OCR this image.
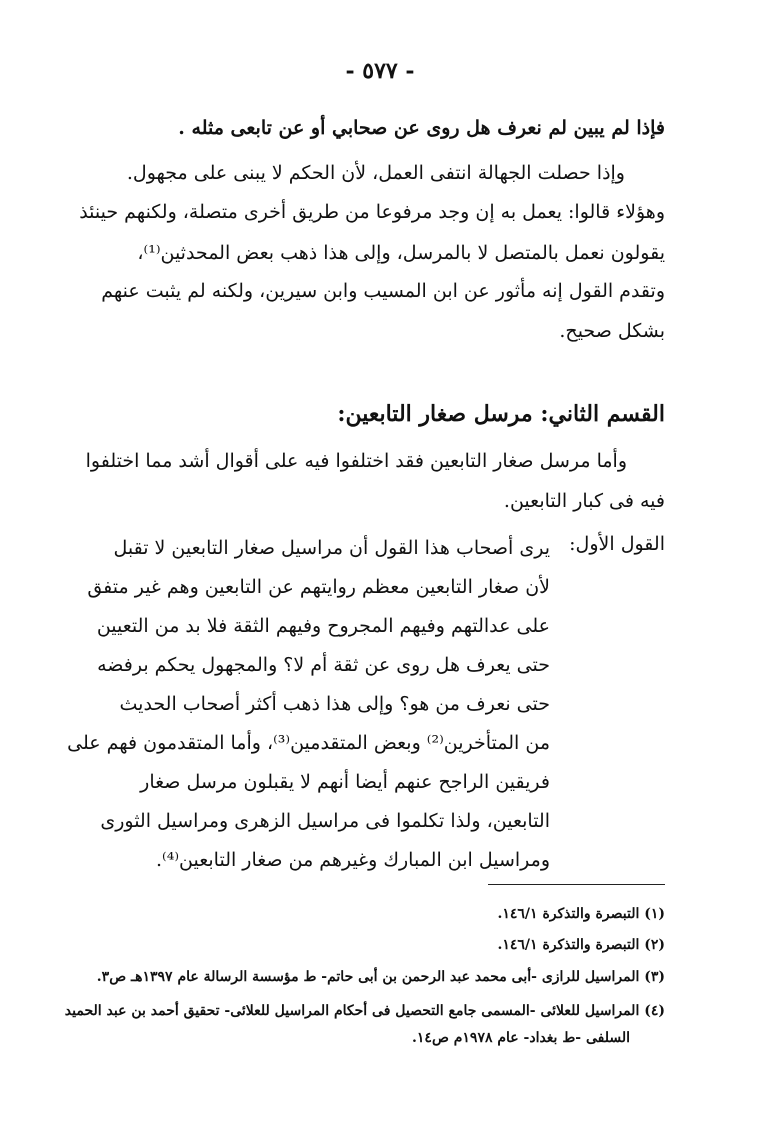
- ٥٧٧ -
فإذا لم يبين لم نعرف هل روى عن صحابي أو عن تابعى مثله .
وإذا حصلت الجهالة انتفى العمل، لأن الحكم لا يبنى على مجهول.
وهؤلاء قالوا: يعمل به إن وجد مرفوعا من طريق أخرى متصلة، ولكنهم حينئذ
يقولون نعمل بالمتصل لا بالمرسل، وإلى هذا ذهب بعض المحدثين⁽¹⁾،
وتقدم القول إنه مأثور عن ابن المسيب وابن سيرين، ولكنه لم يثبت عنهم
بشكل صحيح.
القسم الثاني: مرسل صغار التابعين:
وأما مرسل صغار التابعين فقد اختلفوا فيه على أقوال أشد مما اختلفوا
فيه فى كبار التابعين.
القول الأول:
يرى أصحاب هذا القول أن مراسيل صغار التابعين لا تقبل
لأن صغار التابعين معظم روايتهم عن التابعين وهم غير متفق
على عدالتهم وفيهم المجروح وفيهم الثقة فلا بد من التعيين
حتى يعرف هل روى عن ثقة أم لا؟ والمجهول يحكم برفضه
حتى نعرف من هو؟ وإلى هذا ذهب أكثر أصحاب الحديث
من المتأخرين⁽²⁾ وبعض المتقدمين⁽³⁾، وأما المتقدمون فهم على
فريقين الراجح عنهم أيضا أنهم لا يقبلون مرسل صغار
التابعين، ولذا تكلموا فى مراسيل الزهرى ومراسيل الثورى
ومراسيل ابن المبارك وغيرهم من صغار التابعين⁽⁴⁾.
(١) التبصرة والتذكرة ١٤٦/١.
(٢) التبصرة والتذكرة ١٤٦/١.
(٣) المراسيل للرازى -أبى محمد عبد الرحمن بن أبى حاتم- ط مؤسسة الرسالة عام ١٣٩٧هـ ص٣.
(٤) المراسيل للعلائى -المسمى جامع التحصيل فى أحكام المراسيل للعلائى- تحقيق أحمد بن عبد الحميد
السلفى -ط بغداد- عام ١٩٧٨م ص١٤.
